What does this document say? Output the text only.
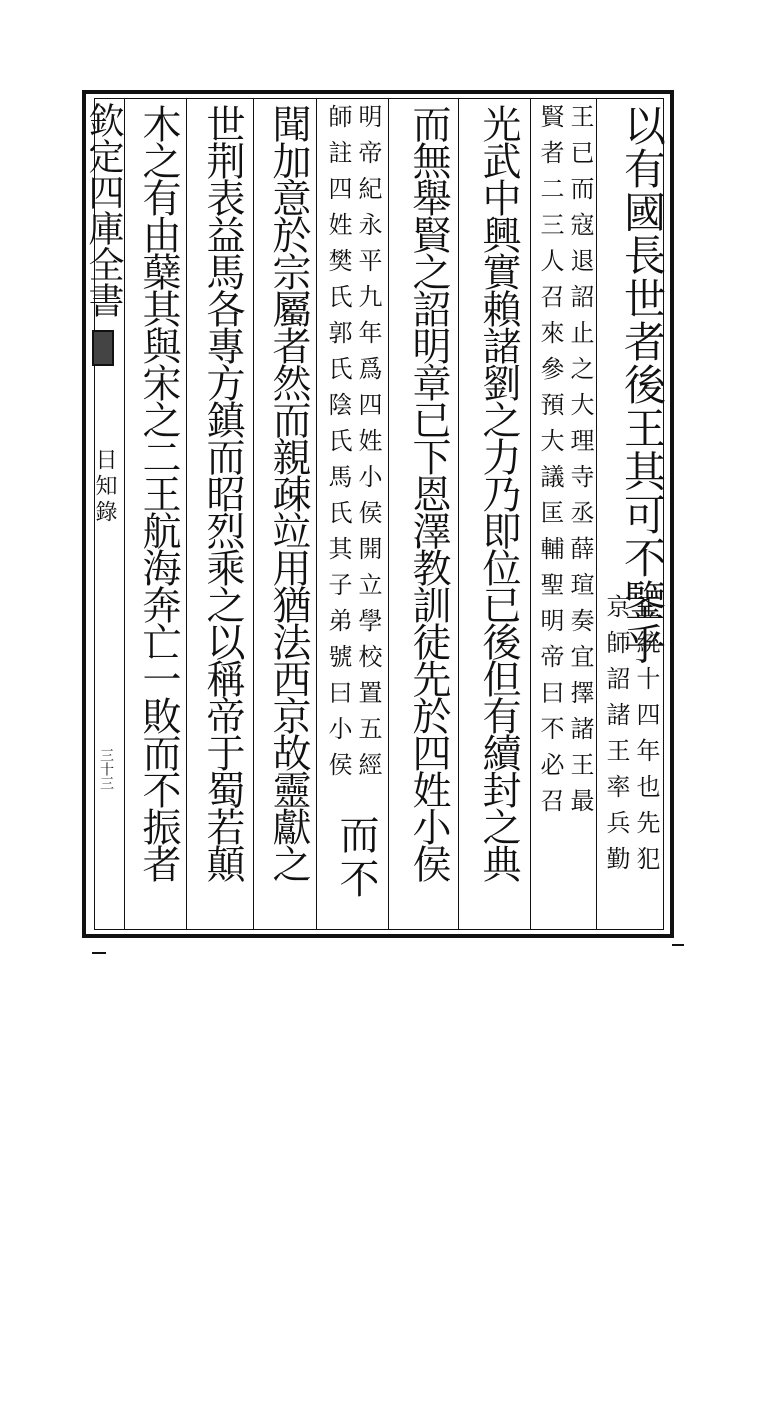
欽定四庫全書
日知錄
三十三
以有國長世者後王其可不鑒乎
正統十四年也先犯
京師詔諸王率兵勤
王已而寇退詔止之大理寺丞薛瑄奏宜擇諸王最
賢者二三人召來參預大議匡輔聖明帝曰不必召
光武中興實賴諸劉之力乃即位已後但有續封之典
而無舉賢之詔明章已下恩澤教訓徒先於四姓小侯
明帝紀永平九年爲四姓小侯開立學校置五經
師註四姓樊氏郭氏陰氏馬氏其子弟號曰小侯
而不
聞加意於宗屬者然而親疎竝用猶法西京故靈獻之
世荆表益馬各專方鎮而昭烈乘之以稱帝于蜀若顛
木之有由蘖其與宋之二王航海奔亡一敗而不振者
